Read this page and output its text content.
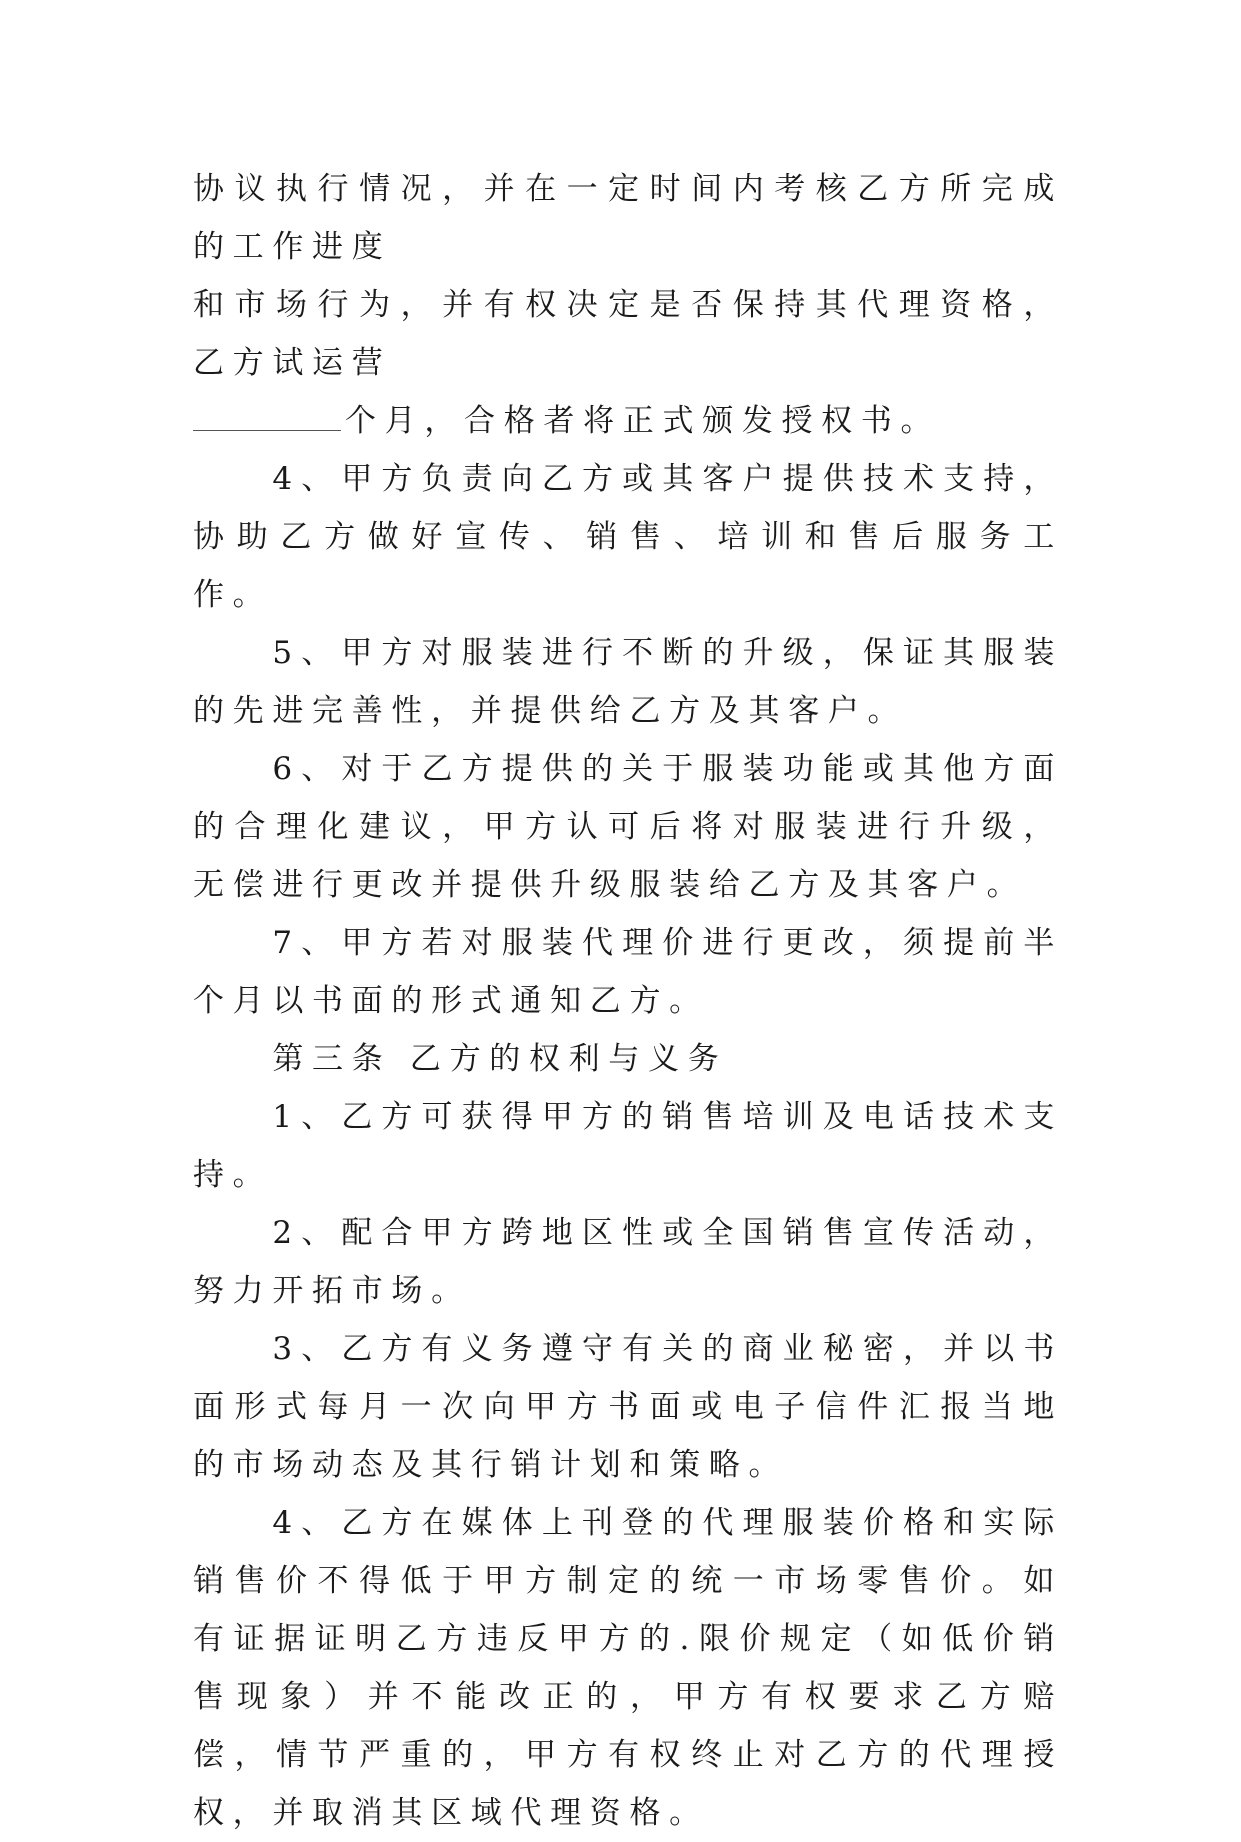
协议执行情况，并在一定时间内考核乙方所完成的工作进度
和市场行为，并有权决定是否保持其代理资格，乙方试运营
个月，合格者将正式颁发授权书。

4、甲方负责向乙方或其客户提供技术支持，协助乙方做好宣传、销售、培训和售后服务工作。

5、甲方对服装进行不断的升级，保证其服装的先进完善性，并提供给乙方及其客户。

6、对于乙方提供的关于服装功能或其他方面的合理化建议，甲方认可后将对服装进行升级，无偿进行更改并提供升级服装给乙方及其客户。

7、甲方若对服装代理价进行更改，须提前半个月以书面的形式通知乙方。

第三条 乙方的权利与义务

1、乙方可获得甲方的销售培训及电话技术支持。

2、配合甲方跨地区性或全国销售宣传活动，努力开拓市场。

3、乙方有义务遵守有关的商业秘密，并以书面形式每月一次向甲方书面或电子信件汇报当地的市场动态及其行销计划和策略。

4、乙方在媒体上刊登的代理服装价格和实际销售价不得低于甲方制定的统一市场零售价。如有证据证明乙方违反甲方的.限价规定（如低价销售现象）并不能改正的，甲方有权要求乙方赔偿，情节严重的，甲方有权终止对乙方的代理授权，并取消其区域代理资格。
